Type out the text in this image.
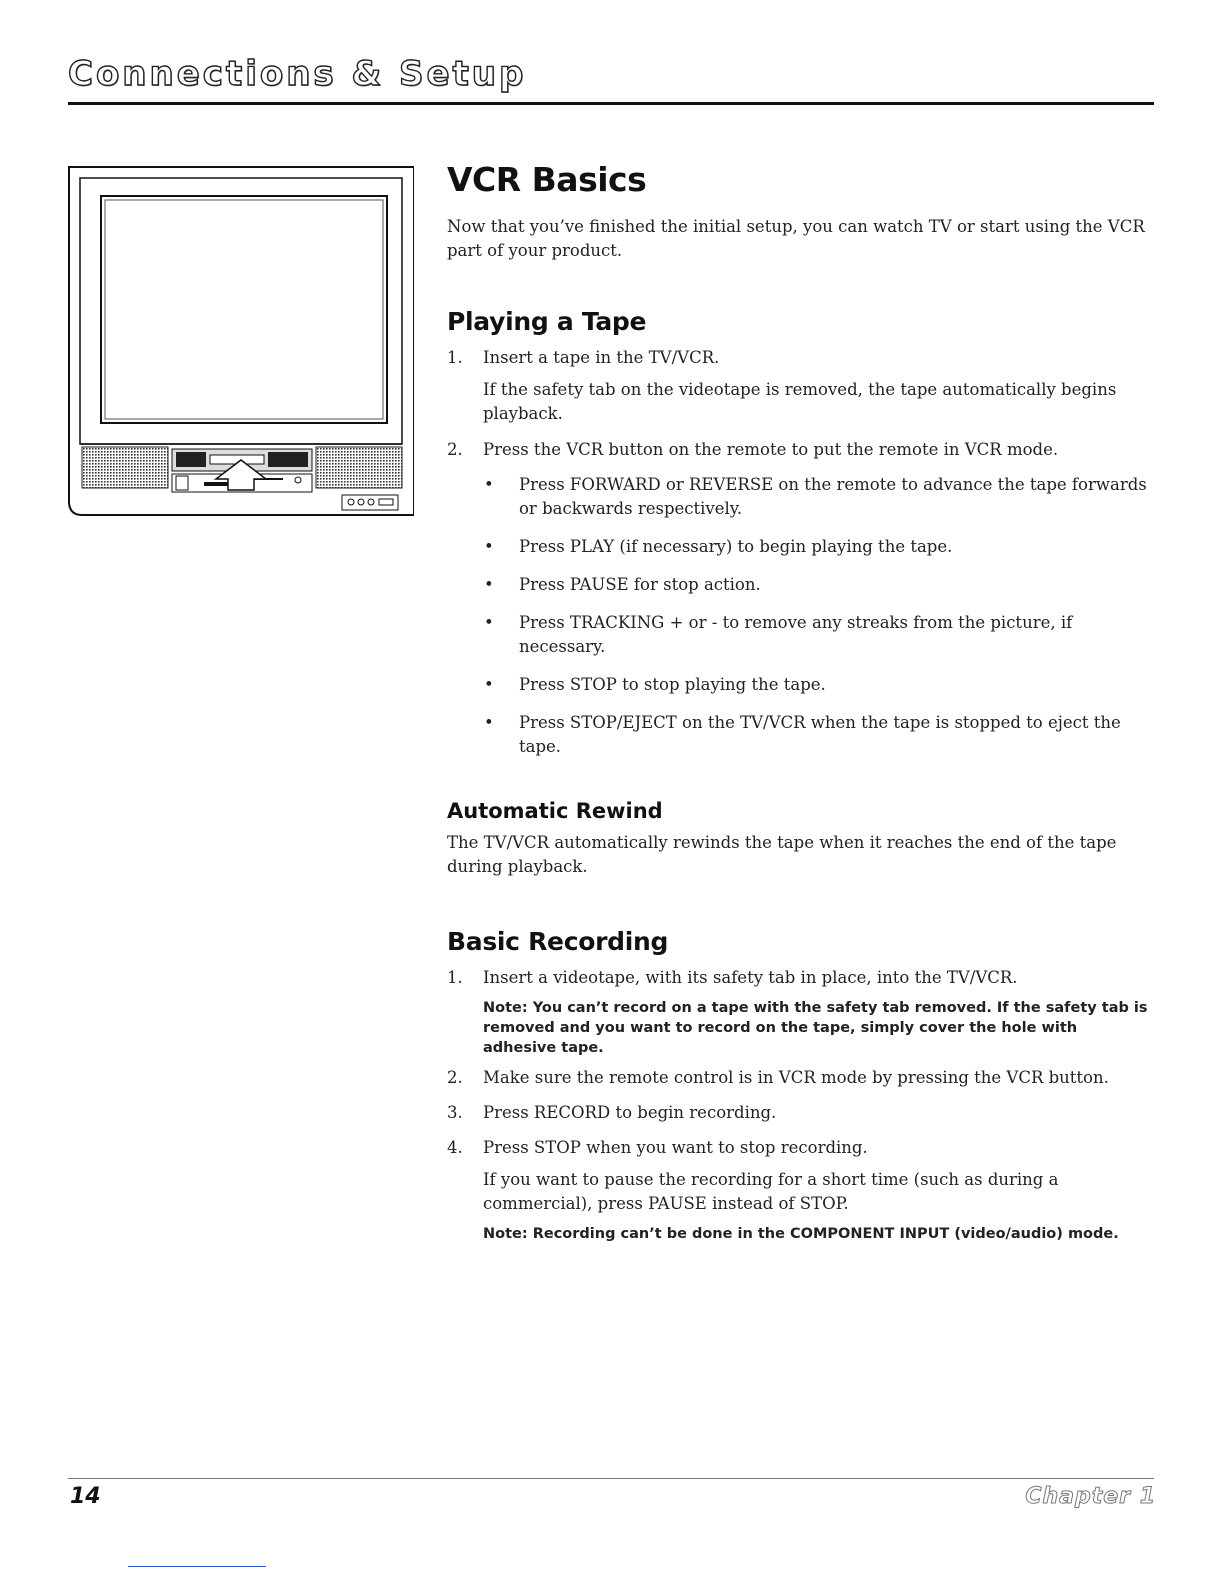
Connections & Setup
VCR Basics

Now that you’ve finished the initial setup, you can watch TV or start using the VCR part of your product.

Playing a Tape
1. Insert a tape in the TV/VCR.

If the safety tab on the videotape is removed, the tape automatically begins playback.

2. Press the VCR button on the remote to put the remote in VCR mode.
• Press FORWARD or REVERSE on the remote to advance the tape forwards or backwards respectively.
• Press PLAY (if necessary) to begin playing the tape.
• Press PAUSE for stop action.
• Press TRACKING + or - to remove any streaks from the picture, if necessary.
• Press STOP to stop playing the tape.
• Press STOP/EJECT on the TV/VCR when the tape is stopped to eject the tape.
Automatic Rewind

The TV/VCR automatically rewinds the tape when it reaches the end of the tape during playback.

Basic Recording
1. Insert a videotape, with its safety tab in place, into the TV/VCR.

Note: You can’t record on a tape with the safety tab removed. If the safety tab is removed and you want to record on the tape, simply cover the hole with adhesive tape.

2. Make sure the remote control is in VCR mode by pressing the VCR button.
3. Press RECORD to begin recording.
4. Press STOP when you want to stop recording.

If you want to pause the recording for a short time (such as during a commercial), press PAUSE instead of STOP.

Note: Recording can’t be done in the COMPONENT INPUT (video/audio) mode.

14	Chapter 1
